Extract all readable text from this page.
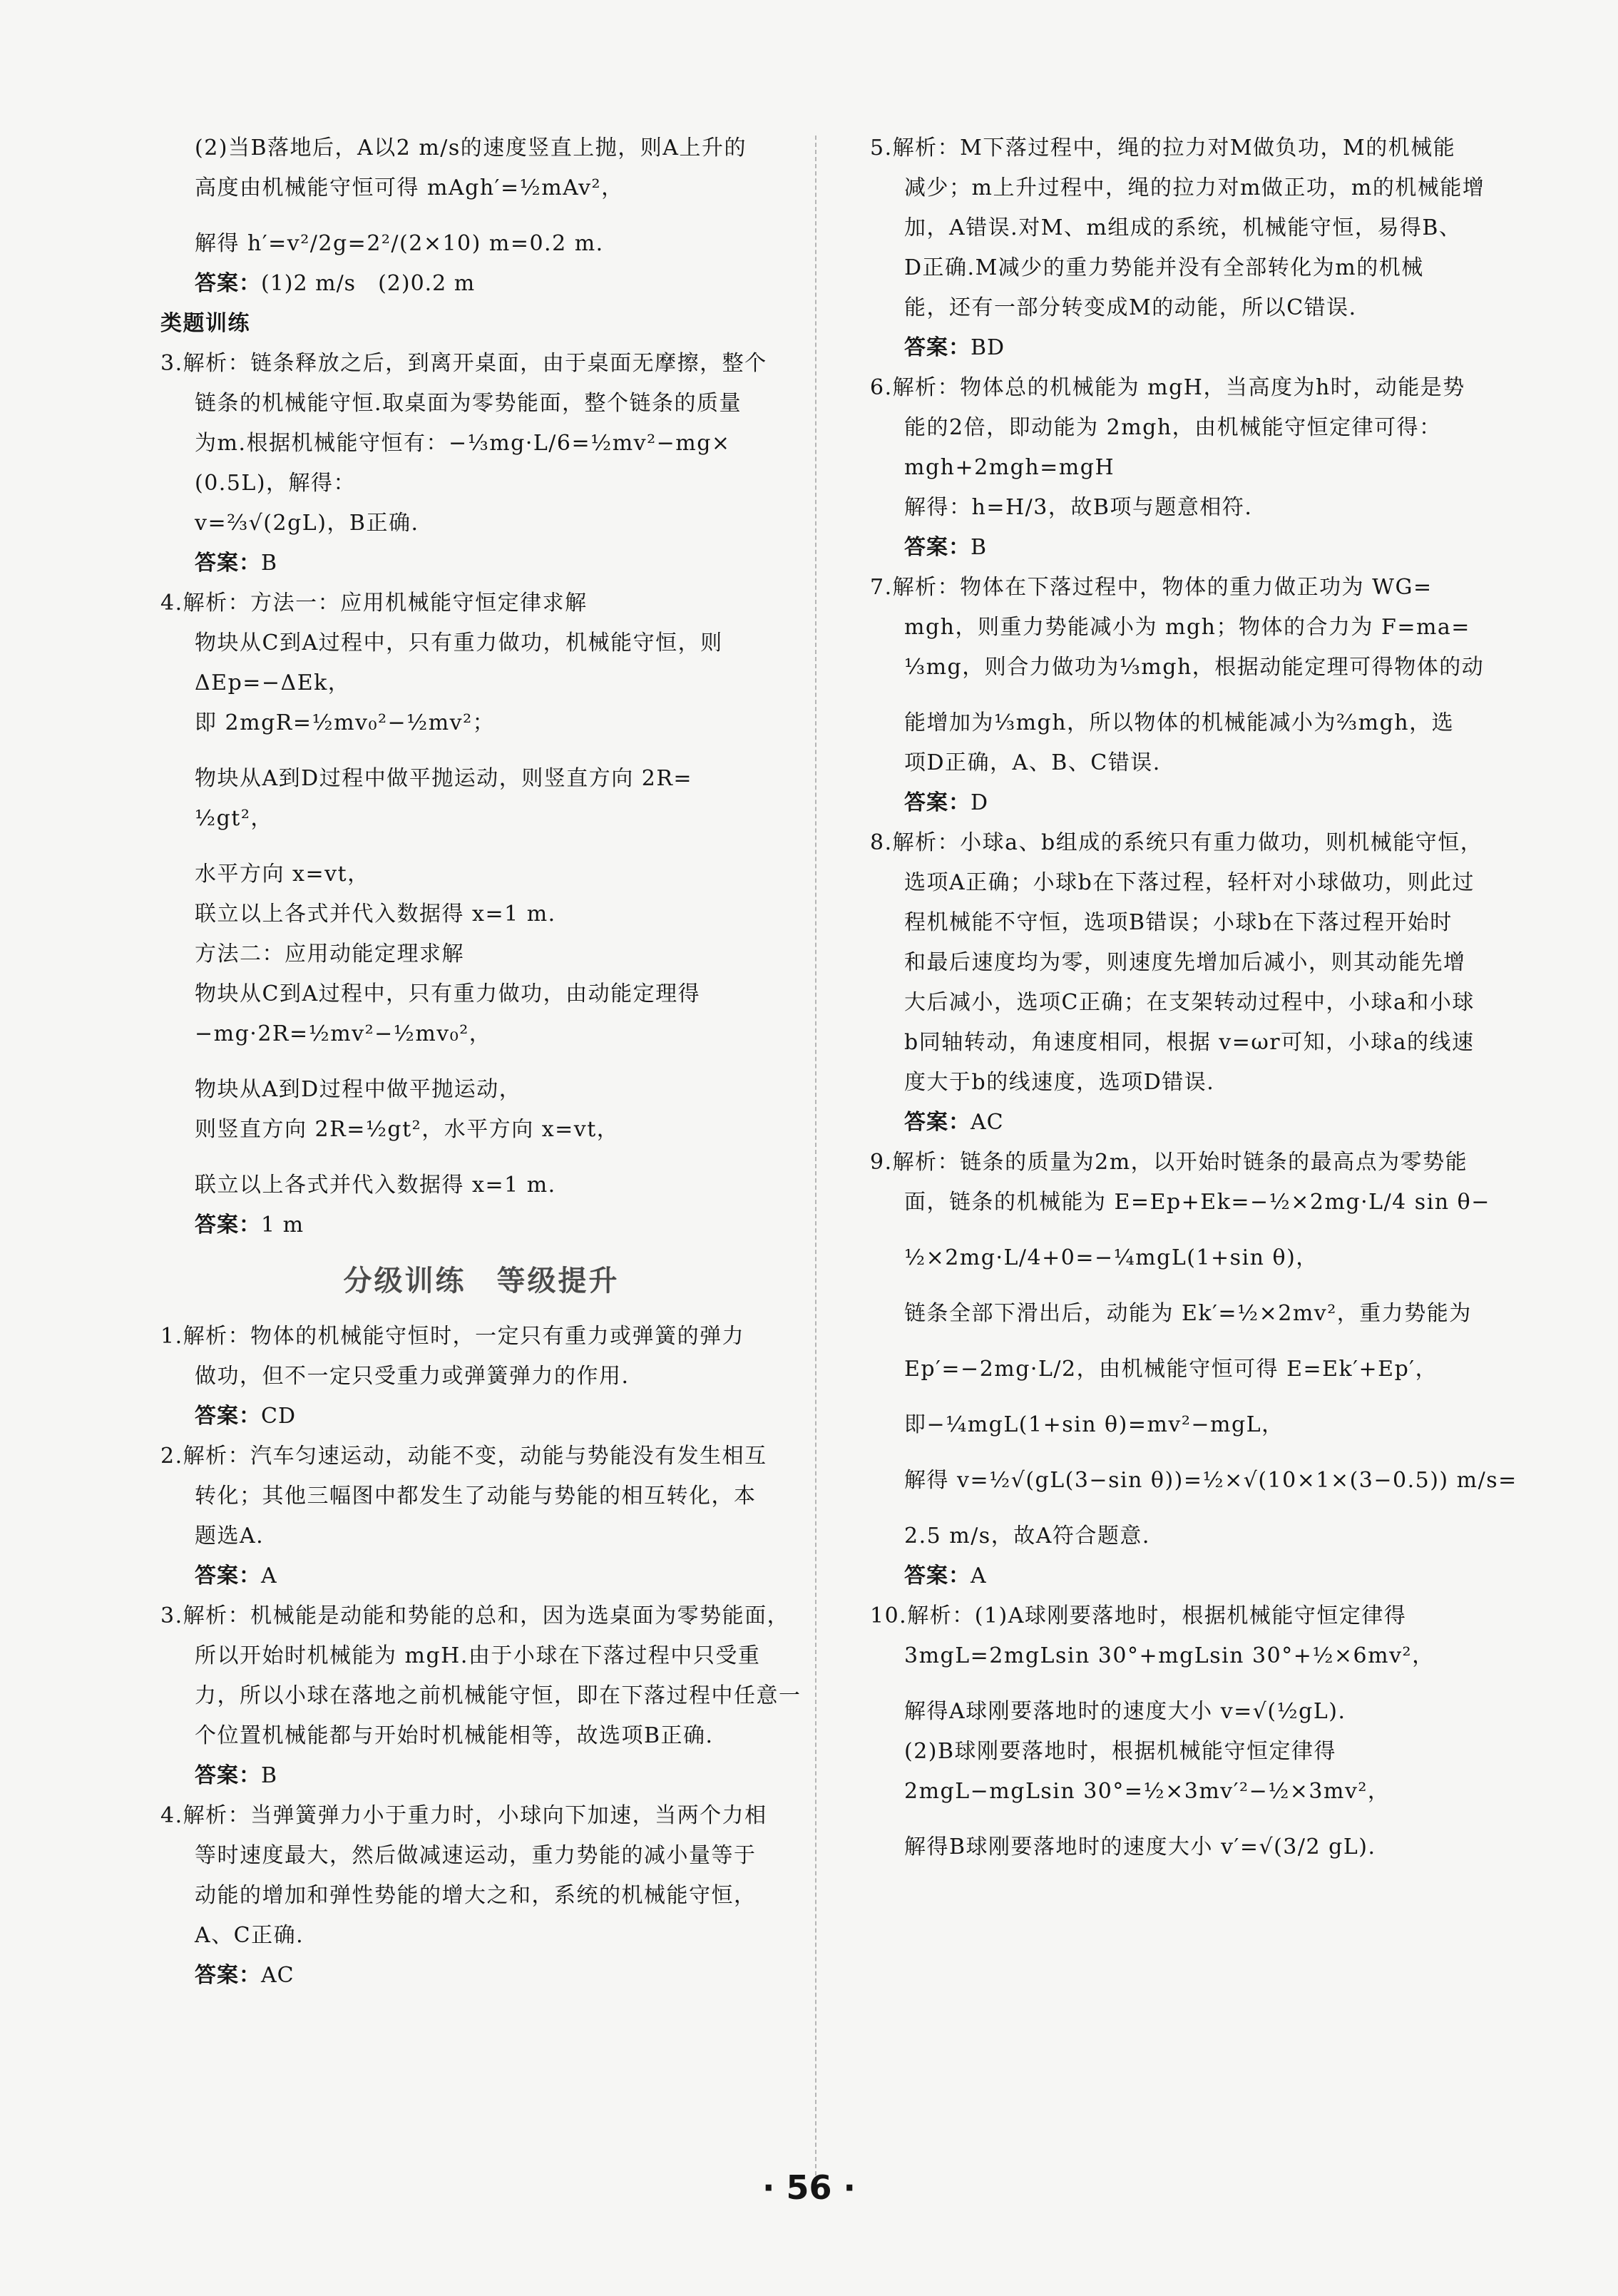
(2)当B落地后，A以2 m/s的速度竖直上抛，则A上升的
高度由机械能守恒可得 mAgh′=½mAv²，
解得 h′=v²/2g=2²/(2×10) m=0.2 m.
答案：(1)2 m/s　(2)0.2 m
类题训练
3.解析：链条释放之后，到离开桌面，由于桌面无摩擦，整个
链条的机械能守恒.取桌面为零势能面，整个链条的质量
为m.根据机械能守恒有：−⅓mg·L/6=½mv²−mg×
(0.5L)，解得：
v=⅔√(2gL)，B正确.
答案：B
4.解析：方法一：应用机械能守恒定律求解
物块从C到A过程中，只有重力做功，机械能守恒，则
ΔEp=−ΔEk，
即 2mgR=½mv₀²−½mv²；
物块从A到D过程中做平抛运动，则竖直方向 2R=
½gt²，
水平方向 x=vt，
联立以上各式并代入数据得 x=1 m.
方法二：应用动能定理求解
物块从C到A过程中，只有重力做功，由动能定理得
−mg·2R=½mv²−½mv₀²，
物块从A到D过程中做平抛运动，
则竖直方向 2R=½gt²，水平方向 x=vt，
联立以上各式并代入数据得 x=1 m.
答案：1 m
分级训练　等级提升
1.解析：物体的机械能守恒时，一定只有重力或弹簧的弹力
做功，但不一定只受重力或弹簧弹力的作用.
答案：CD
2.解析：汽车匀速运动，动能不变，动能与势能没有发生相互
转化；其他三幅图中都发生了动能与势能的相互转化，本
题选A.
答案：A
3.解析：机械能是动能和势能的总和，因为选桌面为零势能面，
所以开始时机械能为 mgH.由于小球在下落过程中只受重
力，所以小球在落地之前机械能守恒，即在下落过程中任意一
个位置机械能都与开始时机械能相等，故选项B正确.
答案：B
4.解析：当弹簧弹力小于重力时，小球向下加速，当两个力相
等时速度最大，然后做减速运动，重力势能的减小量等于
动能的增加和弹性势能的增大之和，系统的机械能守恒，
A、C正确.
答案：AC
5.解析：M下落过程中，绳的拉力对M做负功，M的机械能
减少；m上升过程中，绳的拉力对m做正功，m的机械能增
加，A错误.对M、m组成的系统，机械能守恒，易得B、
D正确.M减少的重力势能并没有全部转化为m的机械
能，还有一部分转变成M的动能，所以C错误.
答案：BD
6.解析：物体总的机械能为 mgH，当高度为h时，动能是势
能的2倍，即动能为 2mgh，由机械能守恒定律可得：
mgh+2mgh=mgH
解得：h=H/3，故B项与题意相符.
答案：B
7.解析：物体在下落过程中，物体的重力做正功为 WG=
mgh，则重力势能减小为 mgh；物体的合力为 F=ma=
⅓mg，则合力做功为⅓mgh，根据动能定理可得物体的动
能增加为⅓mgh，所以物体的机械能减小为⅔mgh，选
项D正确，A、B、C错误.
答案：D
8.解析：小球a、b组成的系统只有重力做功，则机械能守恒，
选项A正确；小球b在下落过程，轻杆对小球做功，则此过
程机械能不守恒，选项B错误；小球b在下落过程开始时
和最后速度均为零，则速度先增加后减小，则其动能先增
大后减小，选项C正确；在支架转动过程中，小球a和小球
b同轴转动，角速度相同，根据 v=ωr可知，小球a的线速
度大于b的线速度，选项D错误.
答案：AC
9.解析：链条的质量为2m，以开始时链条的最高点为零势能
面，链条的机械能为 E=Ep+Ek=−½×2mg·L/4 sin θ−
½×2mg·L/4+0=−¼mgL(1+sin θ)，
链条全部下滑出后，动能为 Ek′=½×2mv²，重力势能为
Ep′=−2mg·L/2，由机械能守恒可得 E=Ek′+Ep′，
即−¼mgL(1+sin θ)=mv²−mgL，
解得 v=½√(gL(3−sin θ))=½×√(10×1×(3−0.5)) m/s=
2.5 m/s，故A符合题意.
答案：A
10.解析：(1)A球刚要落地时，根据机械能守恒定律得
3mgL=2mgLsin 30°+mgLsin 30°+½×6mv²，
解得A球刚要落地时的速度大小 v=√(½gL).
(2)B球刚要落地时，根据机械能守恒定律得
2mgL−mgLsin 30°=½×3mv′²−½×3mv²，
解得B球刚要落地时的速度大小 v′=√(3/2 gL).
· 56 ·
